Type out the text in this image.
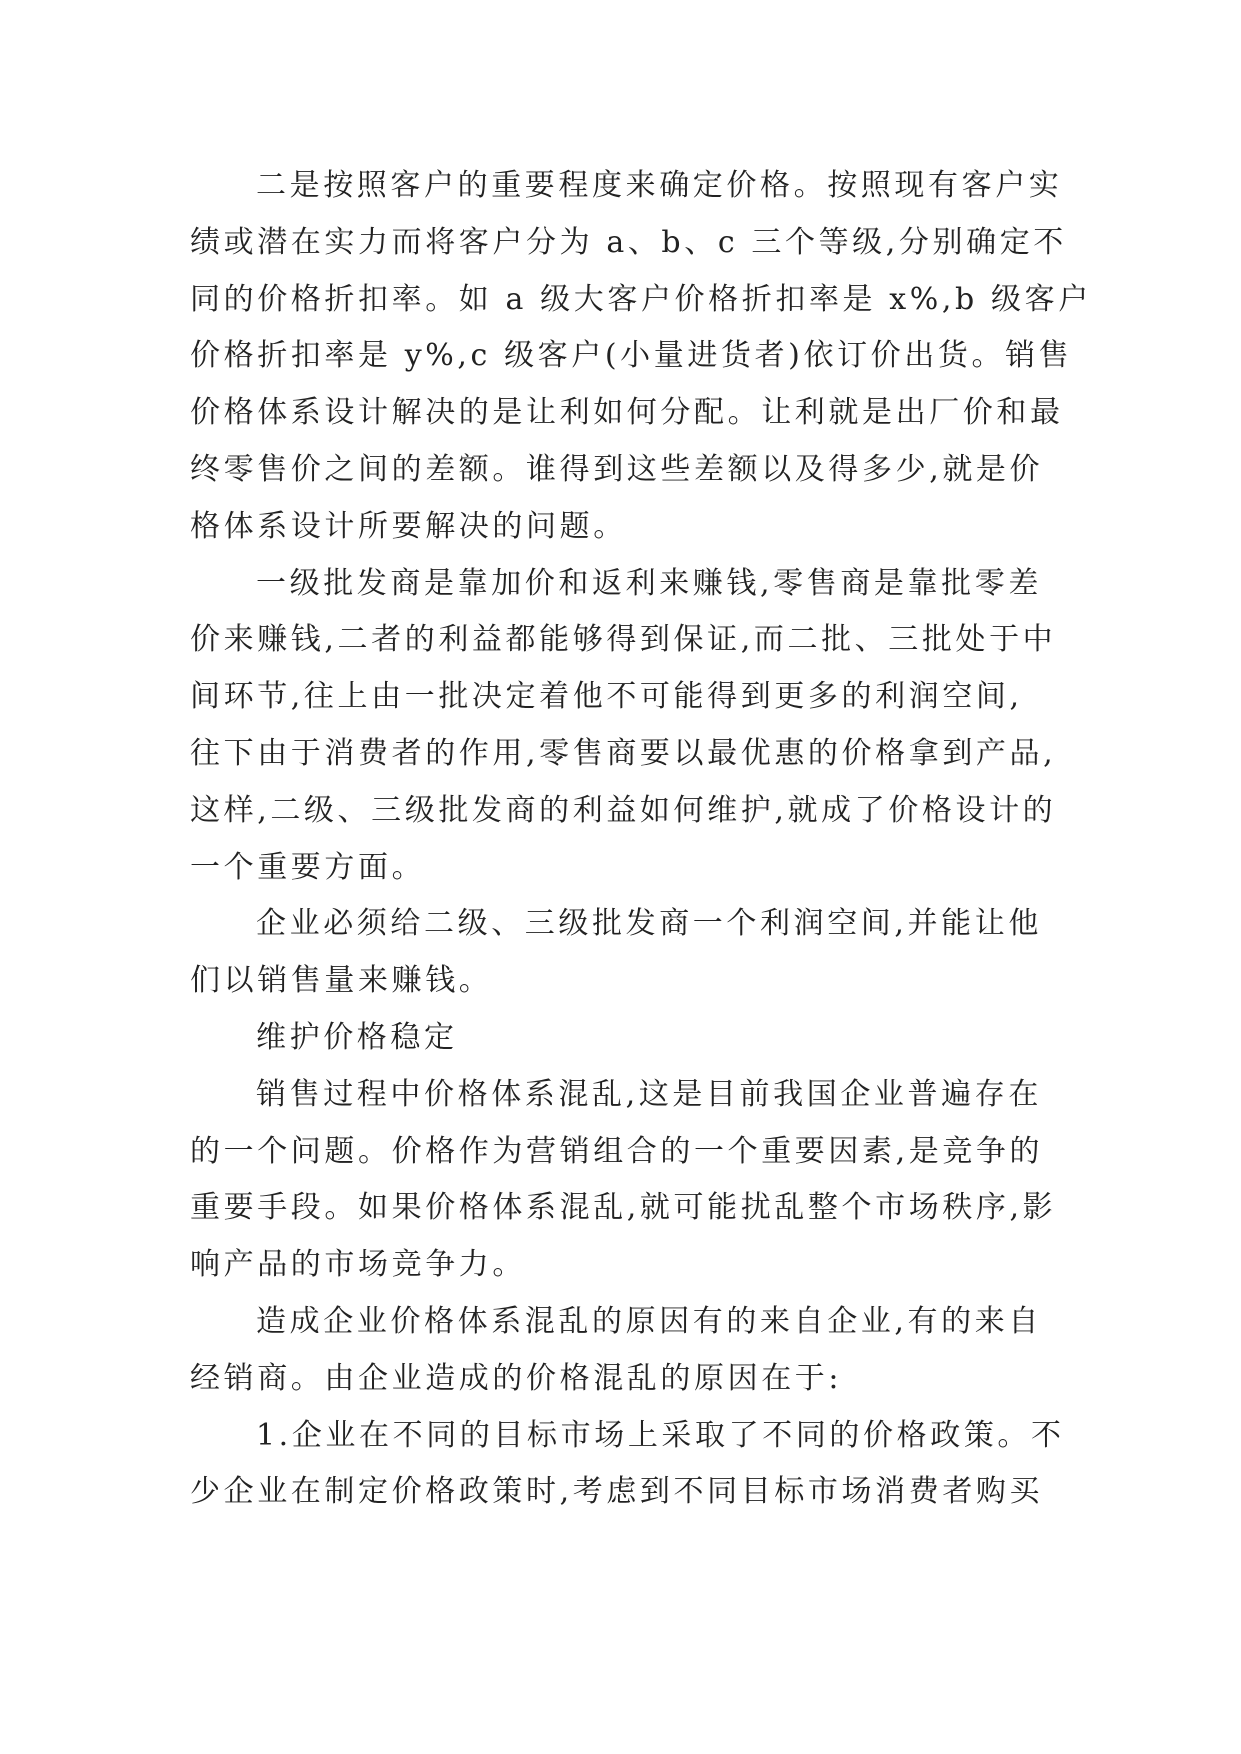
二是按照客户的重要程度来确定价格。按照现有客户实
绩或潜在实力而将客户分为 a、b、c 三个等级,分别确定不
同的价格折扣率。如 a 级大客户价格折扣率是 x%,b 级客户
价格折扣率是 y%,c 级客户(小量进货者)依订价出货。销售
价格体系设计解决的是让利如何分配。让利就是出厂价和最
终零售价之间的差额。谁得到这些差额以及得多少,就是价
格体系设计所要解决的问题。
一级批发商是靠加价和返利来赚钱,零售商是靠批零差
价来赚钱,二者的利益都能够得到保证,而二批、三批处于中
间环节,往上由一批决定着他不可能得到更多的利润空间,
往下由于消费者的作用,零售商要以最优惠的价格拿到产品,
这样,二级、三级批发商的利益如何维护,就成了价格设计的
一个重要方面。
企业必须给二级、三级批发商一个利润空间,并能让他
们以销售量来赚钱。
维护价格稳定
销售过程中价格体系混乱,这是目前我国企业普遍存在
的一个问题。价格作为营销组合的一个重要因素,是竞争的
重要手段。如果价格体系混乱,就可能扰乱整个市场秩序,影
响产品的市场竞争力。
造成企业价格体系混乱的原因有的来自企业,有的来自
经销商。由企业造成的价格混乱的原因在于:
1.企业在不同的目标市场上采取了不同的价格政策。不
少企业在制定价格政策时,考虑到不同目标市场消费者购买
